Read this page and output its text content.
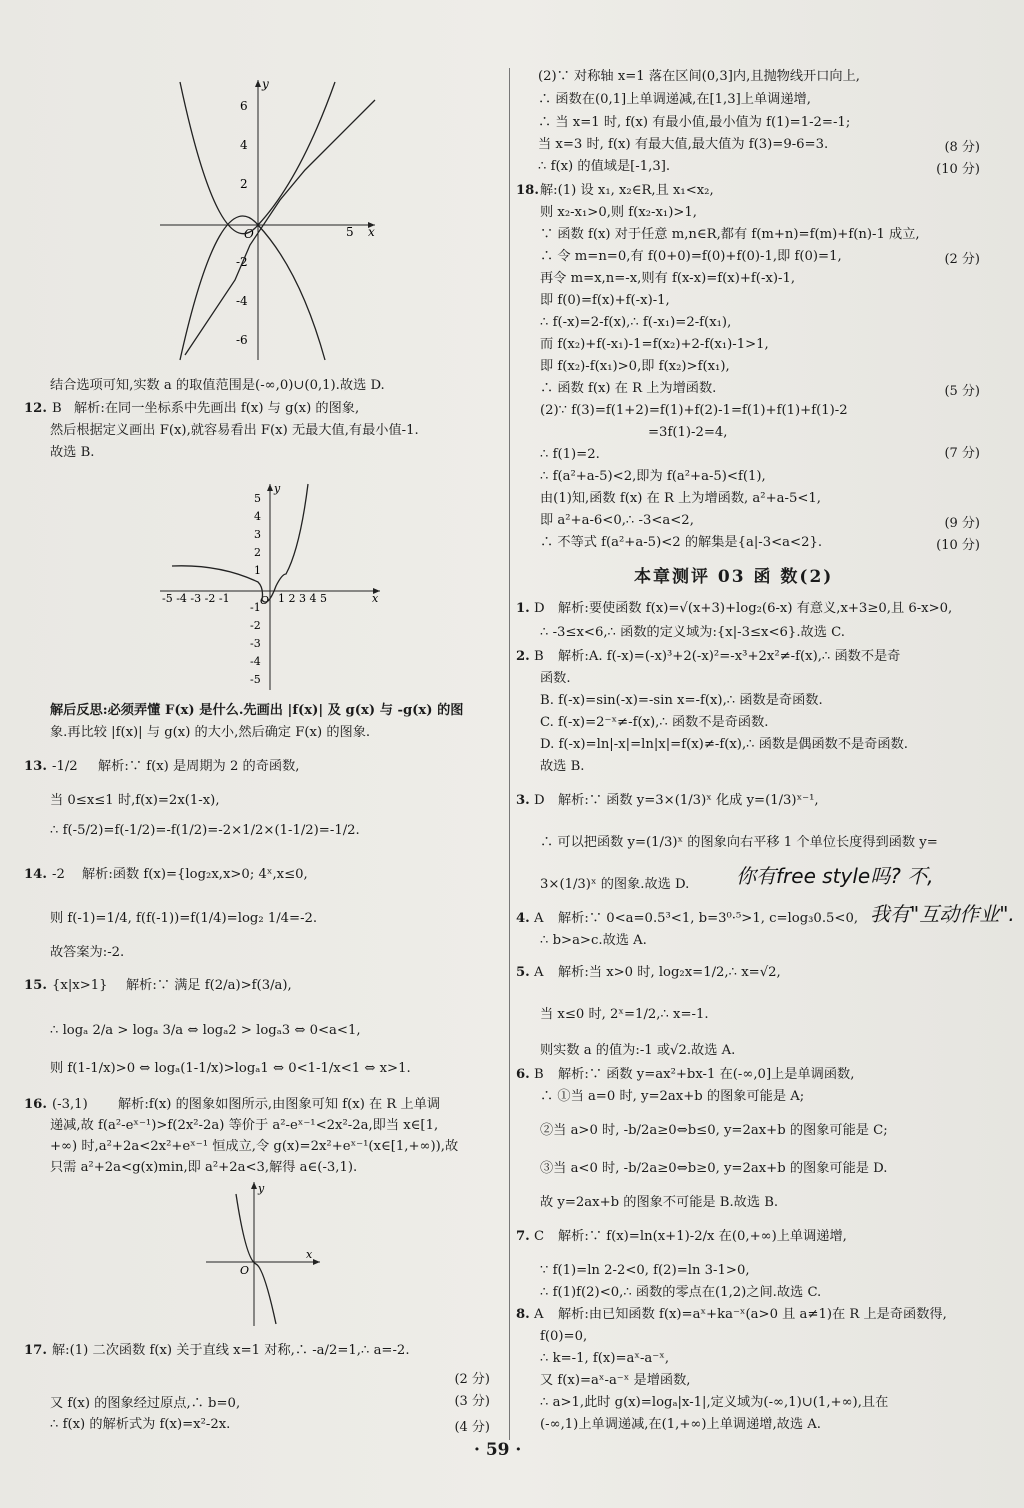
y
x
O
6
4
2
-2
-4
-6
5
结合选项可知,实数 a 的取值范围是(-∞,0)∪(0,1).故选 D.
12. B 解析:在同一坐标系中先画出 f(x) 与 g(x) 的图象,
然后根据定义画出 F(x),就容易看出 F(x) 无最大值,有最小值-1.
故选 B.
y
x
O
5
4
3
2
1
-1
-2
-3
-4
-5
-5 -4 -3 -2 -1	1 2 3 4 5
解后反思:必须弄懂 F(x) 是什么.先画出 |f(x)| 及 g(x) 与 -g(x) 的图
象.再比较 |f(x)| 与 g(x) 的大小,然后确定 F(x) 的图象.
13. -1/2 解析:∵ f(x) 是周期为 2 的奇函数,
当 0≤x≤1 时,f(x)=2x(1-x),
∴ f(-5/2)=f(-1/2)=-f(1/2)=-2×1/2×(1-1/2)=-1/2.
14. -2 解析:函数 f(x)={log₂x,x>0; 4ˣ,x≤0,
则 f(-1)=1/4, f(f(-1))=f(1/4)=log₂ 1/4=-2.
故答案为:-2.
15. {x|x>1} 解析:∵ 满足 f(2/a)>f(3/a),
∴ logₐ 2/a > logₐ 3/a ⇔ logₐ2 > logₐ3 ⇔ 0<a<1,
则 f(1-1/x)>0 ⇔ logₐ(1-1/x)>logₐ1 ⇔ 0<1-1/x<1 ⇔ x>1.
16. (-3,1) 解析:f(x) 的图象如图所示,由图象可知 f(x) 在 R 上单调
递减,故 f(a²-eˣ⁻¹)>f(2x²-2a) 等价于 a²-eˣ⁻¹<2x²-2a,即当 x∈[1,
+∞) 时,a²+2a<2x²+eˣ⁻¹ 恒成立,令 g(x)=2x²+eˣ⁻¹(x∈[1,+∞)),故
只需 a²+2a<g(x)min,即 a²+2a<3,解得 a∈(-3,1).
y
x
O
17. 解:(1) 二次函数 f(x) 关于直线 x=1 对称,∴ -a/2=1,∴ a=-2.
(2 分)
(3 分)
又 f(x) 的图象经过原点,∴ b=0,
∴ f(x) 的解析式为 f(x)=x²-2x.	(4 分)
(2)∵ 对称轴 x=1 落在区间(0,3]内,且抛物线开口向上,
∴ 函数在(0,1]上单调递减,在[1,3]上单调递增,
∴ 当 x=1 时, f(x) 有最小值,最小值为 f(1)=1-2=-1;
当 x=3 时, f(x) 有最大值,最大值为 f(3)=9-6=3.	(8 分)
∴ f(x) 的值域是[-1,3].	(10 分)
18. 解:(1) 设 x₁, x₂∈R,且 x₁<x₂,
则 x₂-x₁>0,则 f(x₂-x₁)>1,
∵ 函数 f(x) 对于任意 m,n∈R,都有 f(m+n)=f(m)+f(n)-1 成立,
∴ 令 m=n=0,有 f(0+0)=f(0)+f(0)-1,即 f(0)=1,	(2 分)
再令 m=x,n=-x,则有 f(x-x)=f(x)+f(-x)-1,
即 f(0)=f(x)+f(-x)-1,
∴ f(-x)=2-f(x),∴ f(-x₁)=2-f(x₁),
而 f(x₂)+f(-x₁)-1=f(x₂)+2-f(x₁)-1>1,
即 f(x₂)-f(x₁)>0,即 f(x₂)>f(x₁),
∴ 函数 f(x) 在 R 上为增函数.	(5 分)
(2)∵ f(3)=f(1+2)=f(1)+f(2)-1=f(1)+f(1)+f(1)-2
=3f(1)-2=4,
∴ f(1)=2.	(7 分)
∴ f(a²+a-5)<2,即为 f(a²+a-5)<f(1),
由(1)知,函数 f(x) 在 R 上为增函数, a²+a-5<1,
即 a²+a-6<0,∴ -3<a<2,	(9 分)
∴ 不等式 f(a²+a-5)<2 的解集是{a|-3<a<2}.	(10 分)
本章测评 03 函 数(2)
1. D 解析:要使函数 f(x)=√(x+3)+log₂(6-x) 有意义,x+3≥0,且 6-x>0,
∴ -3≤x<6,∴ 函数的定义域为:{x|-3≤x<6}.故选 C.
2. B 解析:A. f(-x)=(-x)³+2(-x)²=-x³+2x²≠-f(x),∴ 函数不是奇
函数.
B. f(-x)=sin(-x)=-sin x=-f(x),∴ 函数是奇函数.
C. f(-x)=2⁻ˣ≠-f(x),∴ 函数不是奇函数.
D. f(-x)=ln|-x|=ln|x|=f(x)≠-f(x),∴ 函数是偶函数不是奇函数.
故选 B.
3. D 解析:∵ 函数 y=3×(1/3)ˣ 化成 y=(1/3)ˣ⁻¹,
∴ 可以把函数 y=(1/3)ˣ 的图象向右平移 1 个单位长度得到函数 y=
3×(1/3)ˣ 的图象.故选 D. 你有free style吗? 不,
我有"互动作业".
4. A 解析:∵ 0<a=0.5³<1, b=3⁰·⁵>1, c=log₃0.5<0,
∴ b>a>c.故选 A.
5. A 解析:当 x>0 时, log₂x=1/2,∴ x=√2,
当 x≤0 时, 2ˣ=1/2,∴ x=-1.
则实数 a 的值为:-1 或√2.故选 A.
6. B 解析:∵ 函数 y=ax²+bx-1 在(-∞,0]上是单调函数,
∴ ①当 a=0 时, y=2ax+b 的图象可能是 A;
②当 a>0 时, -b/2a≥0⇔b≤0, y=2ax+b 的图象可能是 C;
③当 a<0 时, -b/2a≥0⇔b≥0, y=2ax+b 的图象可能是 D.
故 y=2ax+b 的图象不可能是 B.故选 B.
7. C 解析:∵ f(x)=ln(x+1)-2/x 在(0,+∞)上单调递增,
∵ f(1)=ln 2-2<0, f(2)=ln 3-1>0,
∴ f(1)f(2)<0,∴ 函数的零点在(1,2)之间.故选 C.
8. A 解析:由已知函数 f(x)=aˣ+ka⁻ˣ(a>0 且 a≠1)在 R 上是奇函数得,
f(0)=0,
∴ k=-1, f(x)=aˣ-a⁻ˣ,
又 f(x)=aˣ-a⁻ˣ 是增函数,
∴ a>1,此时 g(x)=logₐ|x-1|,定义域为(-∞,1)∪(1,+∞),且在
(-∞,1)上单调递减,在(1,+∞)上单调递增,故选 A.
· 59 ·
